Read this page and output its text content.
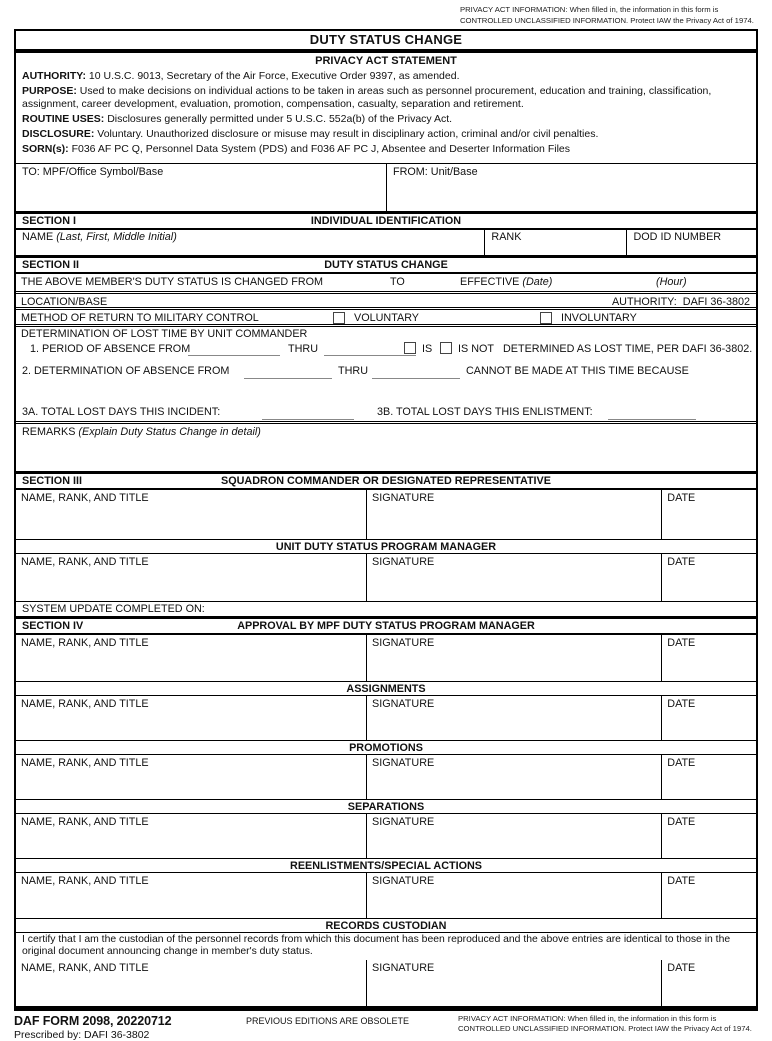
PRIVACY ACT INFORMATION: When filled in, the information in this form is
CONTROLLED UNCLASSIFIED INFORMATION. Protect IAW the Privacy Act of 1974.
DUTY STATUS CHANGE
PRIVACY ACT STATEMENT

AUTHORITY: 10 U.S.C. 9013, Secretary of the Air Force, Executive Order 9397, as amended.

PURPOSE: Used to make decisions on individual actions to be taken in areas such as personnel procurement, education and training, classification, assignment, career development, evaluation, promotion, compensation, casualty, separation and retirement.

ROUTINE USES: Disclosures generally permitted under 5 U.S.C. 552a(b) of the Privacy Act.

DISCLOSURE: Voluntary. Unauthorized disclosure or misuse may result in disciplinary action, criminal and/or civil penalties.

SORN(s): F036 AF PC Q, Personnel Data System (PDS) and F036 AF PC J, Absentee and Deserter Information Files

TO: MPF/Office Symbol/Base	FROM: Unit/Base
SECTION I	INDIVIDUAL IDENTIFICATION
NAME (Last, First, Middle Initial)	RANK	DOD ID NUMBER
SECTION II	DUTY STATUS CHANGE
THE ABOVE MEMBER'S DUTY STATUS IS CHANGED FROM	TO	EFFECTIVE (Date)	(Hour)
LOCATION/BASE	AUTHORITY: DAFI 36-3802
METHOD OF RETURN TO MILITARY CONTROL	VOLUNTARY	INVOLUNTARY
DETERMINATION OF LOST TIME BY UNIT COMMANDER
1. PERIOD OF ABSENCE FROM	THRU	IS IS NOT DETERMINED AS LOST TIME, PER DAFI 36-3802.
2. DETERMINATION OF ABSENCE FROM	THRU	CANNOT BE MADE AT THIS TIME BECAUSE
3A. TOTAL LOST DAYS THIS INCIDENT:	3B. TOTAL LOST DAYS THIS ENLISTMENT:
REMARKS (Explain Duty Status Change in detail)
SECTION III	SQUADRON COMMANDER OR DESIGNATED REPRESENTATIVE
NAME, RANK, AND TITLE	SIGNATURE	DATE
UNIT DUTY STATUS PROGRAM MANAGER
NAME, RANK, AND TITLE	SIGNATURE	DATE
SYSTEM UPDATE COMPLETED ON:
SECTION IV	APPROVAL BY MPF DUTY STATUS PROGRAM MANAGER
NAME, RANK, AND TITLE	SIGNATURE	DATE
ASSIGNMENTS
NAME, RANK, AND TITLE	SIGNATURE	DATE
PROMOTIONS
NAME, RANK, AND TITLE	SIGNATURE	DATE
SEPARATIONS
NAME, RANK, AND TITLE	SIGNATURE	DATE
REENLISTMENTS/SPECIAL ACTIONS
NAME, RANK, AND TITLE	SIGNATURE	DATE
RECORDS CUSTODIAN
I certify that I am the custodian of the personnel records from which this document has been reproduced and the above entries are identical to those in the original document announcing change in member's duty status.
NAME, RANK, AND TITLE	SIGNATURE	DATE
DAF FORM 2098, 20220712
Prescribed by: DAFI 36-3802
PREVIOUS EDITIONS ARE OBSOLETE	PRIVACY ACT INFORMATION: When filled in, the information in this form is
CONTROLLED UNCLASSIFIED INFORMATION. Protect IAW the Privacy Act of 1974.
